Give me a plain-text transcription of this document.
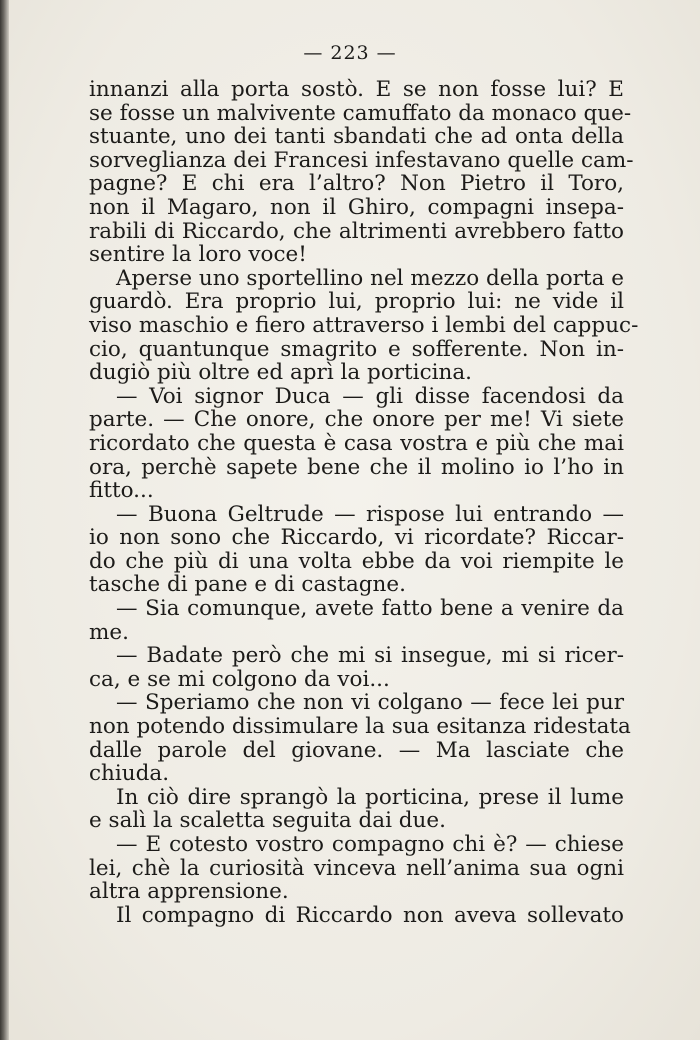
— 223 —
innanzi alla porta sostò. E se non fosse lui? E
se fosse un malvivente camuffato da monaco que-
stuante, uno dei tanti sbandati che ad onta della
sorveglianza dei Francesi infestavano quelle cam-
pagne? E chi era l’altro? Non Pietro il Toro,
non il Magaro, non il Ghiro, compagni insepa-
rabili di Riccardo, che altrimenti avrebbero fatto
sentire la loro voce!
Aperse uno sportellino nel mezzo della porta e
guardò. Era proprio lui, proprio lui: ne vide il
viso maschio e fiero attraverso i lembi del cappuc-
cio, quantunque smagrito e sofferente. Non in-
dugiò più oltre ed aprì la porticina.
— Voi signor Duca — gli disse facendosi da
parte. — Che onore, che onore per me! Vi siete
ricordato che questa è casa vostra e più che mai
ora, perchè sapete bene che il molino io l’ho in
fitto...
— Buona Geltrude — rispose lui entrando —
io non sono che Riccardo, vi ricordate? Riccar-
do che più di una volta ebbe da voi riempite le
tasche di pane e di castagne.
— Sia comunque, avete fatto bene a venire da
me.
— Badate però che mi si insegue, mi si ricer-
ca, e se mi colgono da voi...
— Speriamo che non vi colgano — fece lei pur
non potendo dissimulare la sua esitanza ridestata
dalle parole del giovane. — Ma lasciate che
chiuda.
In ciò dire sprangò la porticina, prese il lume
e salì la scaletta seguita dai due.
— E cotesto vostro compagno chi è? — chiese
lei, chè la curiosità vinceva nell’anima sua ogni
altra apprensione.
Il compagno di Riccardo non aveva sollevato
